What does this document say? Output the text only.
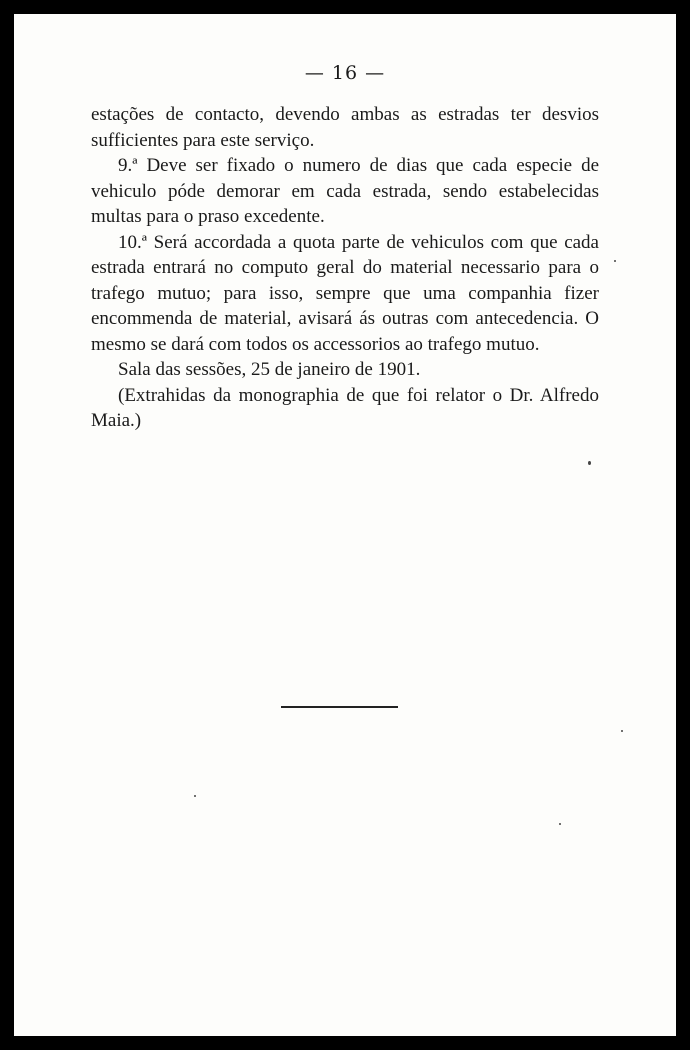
— 16 —

estações de contacto, devendo ambas as estradas ter desvios sufficientes para este serviço.

9.ª Deve ser fixado o numero de dias que cada especie de vehiculo póde demorar em cada estrada, sendo estabelecidas multas para o praso excedente.

10.ª Será accordada a quota parte de vehiculos com que cada estrada entrará no computo geral do material necessario para o trafego mutuo; para isso, sempre que uma companhia fizer encommenda de material, avisará ás outras com antecedencia. O mesmo se dará com todos os accessorios ao trafego mutuo.

Sala das sessões, 25 de janeiro de 1901.

(Extrahidas da monographia de que foi relator o Dr. Alfredo Maia.)
